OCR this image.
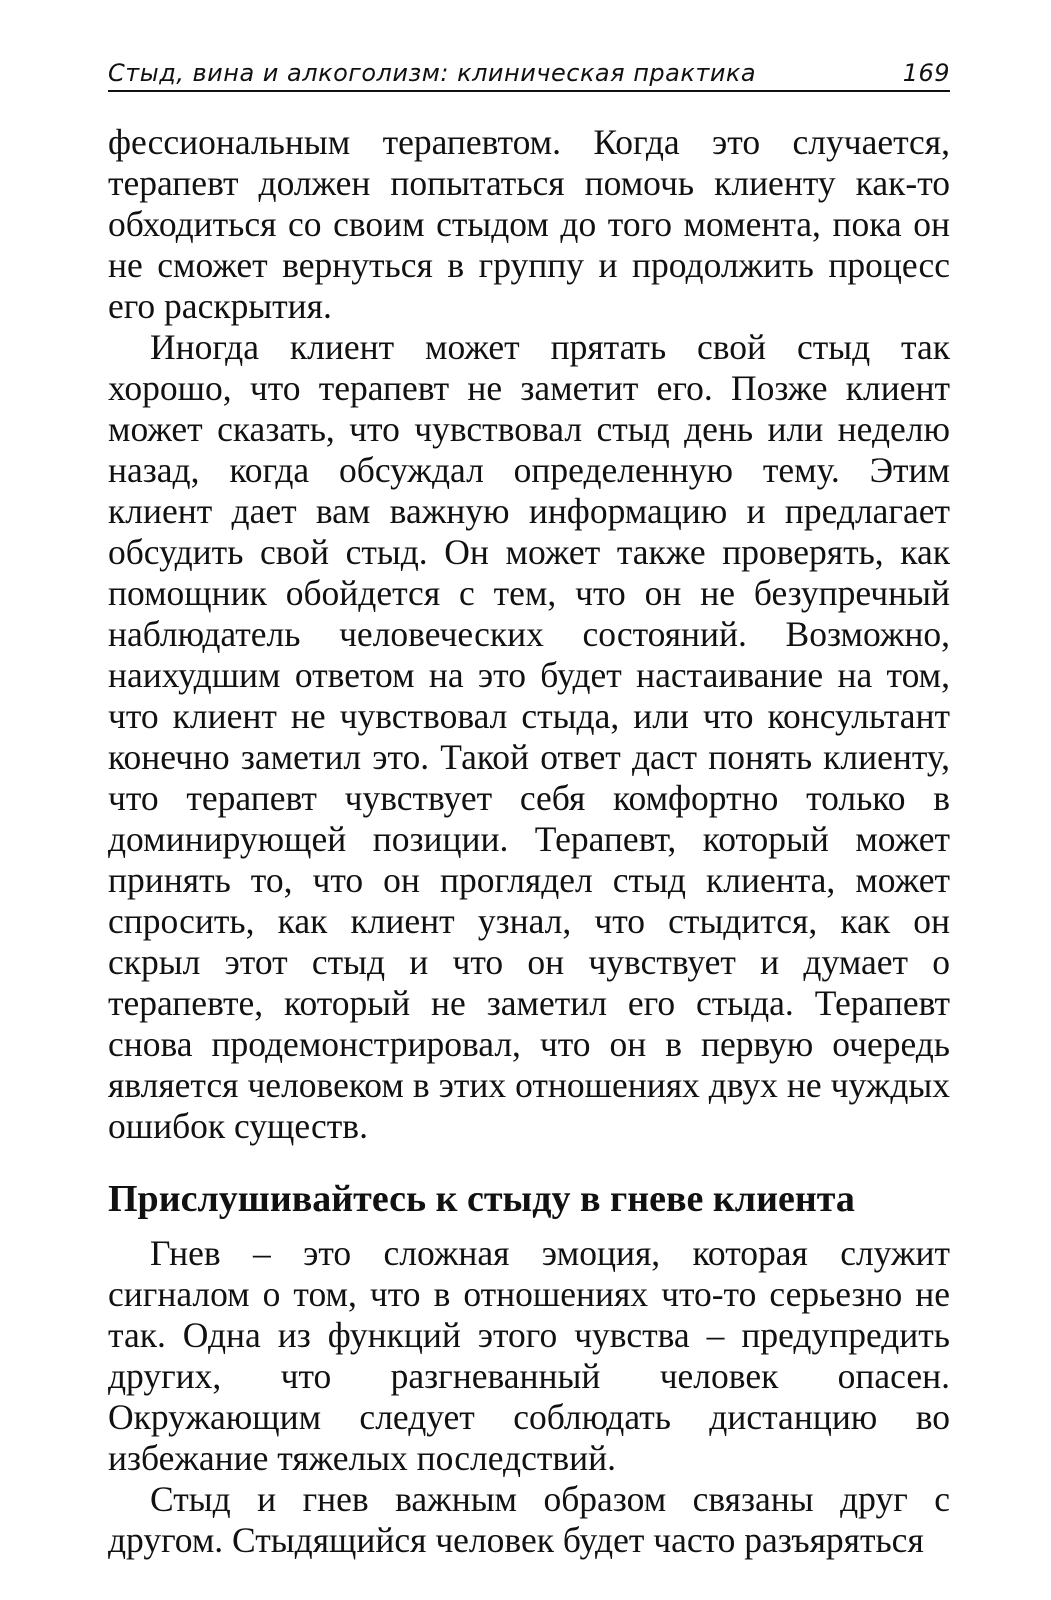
Стыд, вина и алкоголизм: клиническая практика	169

фессиональным терапевтом. Когда это случается, терапевт должен попытаться помочь клиенту как-то обходиться со своим стыдом до того момента, пока он не сможет вернуться в группу и продолжить процесс его раскрытия.

Иногда клиент может прятать свой стыд так хорошо, что терапевт не заметит его. Позже клиент может сказать, что чувствовал стыд день или неделю назад, когда обсуждал определенную тему. Этим клиент дает вам важную информацию и предлагает обсудить свой стыд. Он может также проверять, как помощник обойдется с тем, что он не безупречный наблюдатель человеческих состояний. Возможно, наихудшим ответом на это будет настаивание на том, что клиент не чувствовал стыда, или что консультант конечно заметил это. Такой ответ даст понять клиенту, что терапевт чувствует себя комфортно только в доминирующей позиции. Терапевт, который может принять то, что он проглядел стыд клиента, может спросить, как клиент узнал, что стыдится, как он скрыл этот стыд и что он чувствует и думает о терапевте, который не заметил его стыда. Терапевт снова продемонстрировал, что он в первую очередь является человеком в этих отношениях двух не чуждых ошибок существ.

Прислушивайтесь к стыду в гневе клиента

Гнев – это сложная эмоция, которая служит сигналом о том, что в отношениях что-то серьезно не так. Одна из функций этого чувства – предупредить других, что разгневанный человек опасен. Окружающим следует соблюдать дистанцию во избежание тяжелых последствий.

Стыд и гнев важным образом связаны друг с другом. Стыдящийся человек будет часто разъяряться
